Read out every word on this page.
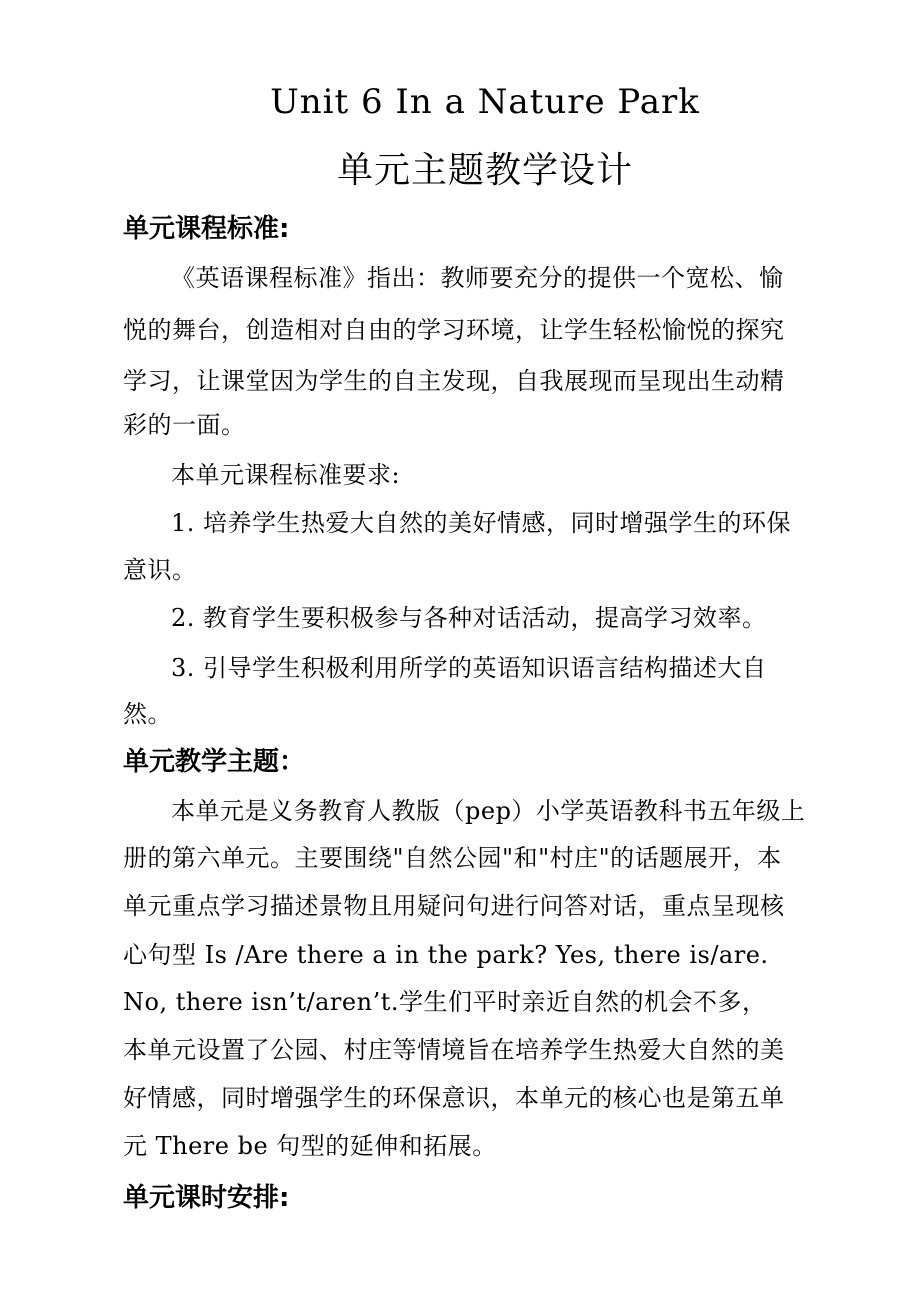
Unit 6 In a Nature Park
单元主题教学设计
单元课程标准:
《英语课程标准》指出：教师要充分的提供一个宽松、愉
悦的舞台，创造相对自由的学习环境，让学生轻松愉悦的探究
学习，让课堂因为学生的自主发现，自我展现而呈现出生动精
彩的一面。
本单元课程标准要求:
1. 培养学生热爱大自然的美好情感，同时增强学生的环保
意识。
2. 教育学生要积极参与各种对话活动，提高学习效率。
3. 引导学生积极利用所学的英语知识语言结构描述大自
然。
单元教学主题：
本单元是义务教育人教版（pep）小学英语教科书五年级上
册的第六单元。主要围绕"自然公园"和"村庄"的话题展开，本
单元重点学习描述景物且用疑问句进行问答对话，重点呈现核
心句型 Is /Are there a in the park? Yes, there is/are.
No, there isn’t/aren’t.学生们平时亲近自然的机会不多，
本单元设置了公园、村庄等情境旨在培养学生热爱大自然的美
好情感，同时增强学生的环保意识，本单元的核心也是第五单
元 There be 句型的延伸和拓展。
单元课时安排:
